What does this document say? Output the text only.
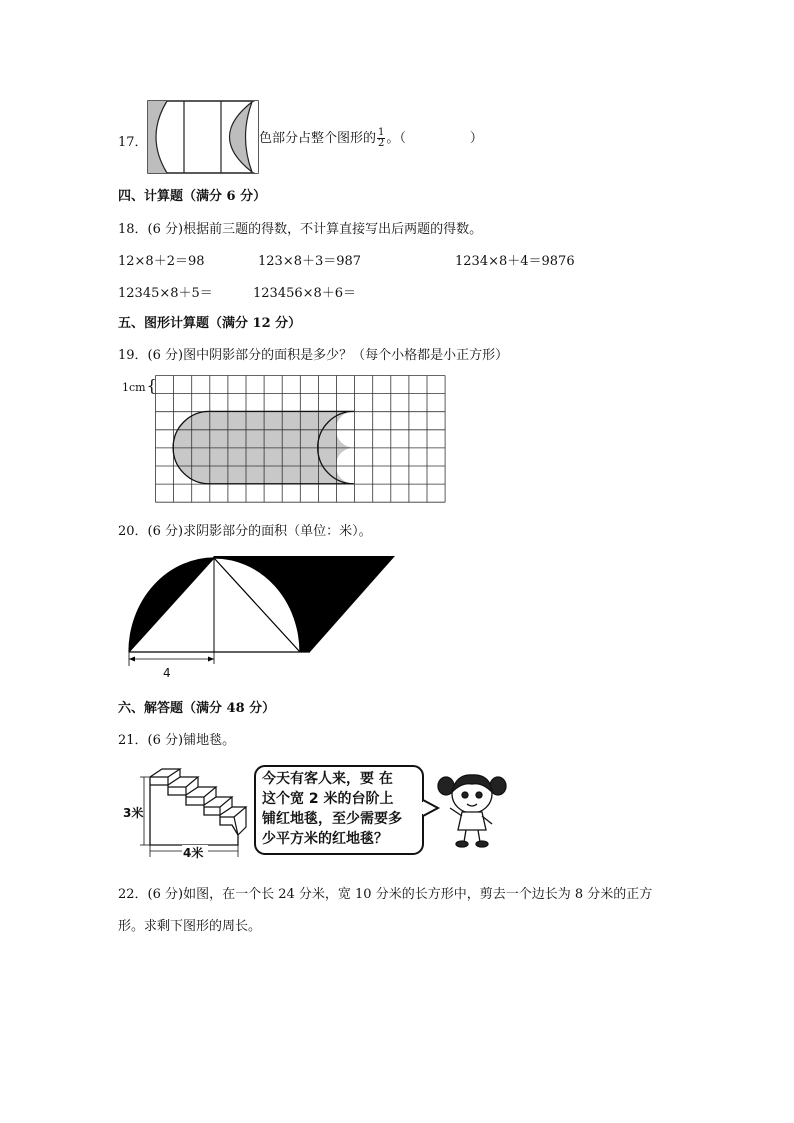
17．	色部分占整个图形的 $\frac{1}{2}$ 。（	）
四、计算题（满分 6 分）
18．(6 分)根据前三题的得数，不计算直接写出后两题的得数。
12×8＋2＝98	123×8＋3＝987	1234×8＋4＝9876
12345×8＋5＝	123456×8＋6＝
五、图形计算题（满分 12 分）
19．(6 分)图中阴影部分的面积是多少？（每个小格都是小正方形）
1cm{
20．(6 分)求阴影部分的面积（单位：米）。
4
六、解答题（满分 48 分）
21．(6 分)铺地毯。
3米
4米
今天有客人来，要 在
这个宽 2 米的台阶上
铺红地毯，至少需要多
少平方米的红地毯？
22．(6 分)如图，在一个长 24 分米，宽 10 分米的长方形中，剪去一个边长为 8 分米的正方
形。求剩下图形的周长。
